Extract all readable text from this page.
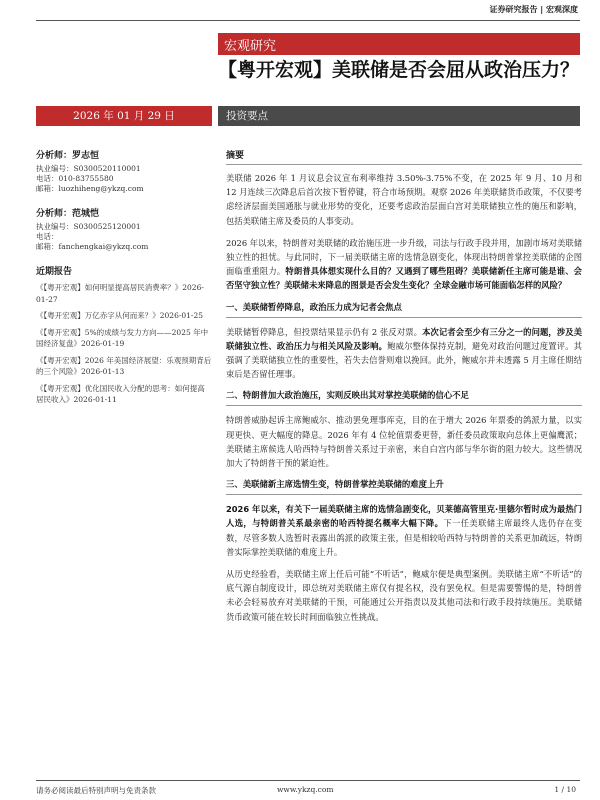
证券研究报告 | 宏观深度
宏观研究
【粤开宏观】美联储是否会屈从政治压力？
2026 年 01 月 29 日	投资要点
分析师：罗志恒
执业编号：S0300520110001
电话：010-83755580
邮箱：luozhiheng@ykzq.com
分析师：范城恺
执业编号：S0300525120001
电话：
邮箱：fanchengkai@ykzq.com
近期报告
《【粤开宏观】如何明显提高居民消费率？》2026-01-27
《【粤开宏观】万亿赤字从何而来？》2026-01-25
《【粤开宏观】5%的成绩与发力方向——2025 年中国经济复盘》2026-01-19
《【粤开宏观】2026 年美国经济展望：乐观预期背后的三个风险》2026-01-13
《【粤开宏观】优化国民收入分配的思考：如何提高居民收入》2026-01-11
摘要

美联储 2026 年 1 月议息会议宣布利率维持 3.50%-3.75%不变，在 2025 年 9 月、10 月和 12 月连续三次降息后首次按下暂停键，符合市场预期。观察 2026 年美联储货币政策，不仅要考虑经济层面美国通胀与就业形势的变化，还要考虑政治层面白宫对美联储独立性的施压和影响，包括美联储主席及委员的人事变动。

2026 年以来，特朗普对美联储的政治施压进一步升级，司法与行政手段并用，加剧市场对美联储独立性的担忧。与此同时，下一届美联储主席的选情急剧变化，体现出特朗普掌控美联储的企图面临重重阻力。特朗普具体想实现什么目的？又遇到了哪些阻碍？美联储新任主席可能是谁、会否坚守独立性？美联储未来降息的图景是否会发生变化？全球金融市场可能面临怎样的风险？

一、美联储暂停降息，政治压力成为记者会焦点

美联储暂停降息，但投票结果显示仍有 2 张反对票。本次记者会至少有三分之一的问题，涉及美联储独立性、政治压力与相关风险及影响。鲍威尔整体保持克制，避免对政治问题过度置评。其强调了美联储独立性的重要性，若失去信誉则难以挽回。此外，鲍威尔并未透露 5 月主席任期结束后是否留任理事。

二、特朗普加大政治施压，实则反映出其对掌控美联储的信心不足

特朗普威胁起诉主席鲍威尔、推动罢免理事库克，目的在于增大 2026 年票委的鸽派力量，以实现更快、更大幅度的降息。2026 年有 4 位轮值票委更替，新任委员政策取向总体上更偏鹰派；美联储主席候选人哈西特与特朗普关系过于亲密，来自白宫内部与华尔街的阻力较大。这些情况加大了特朗普干预的紧迫性。

三、美联储新主席选情生变，特朗普掌控美联储的难度上升

2026 年以来，有关下一届美联储主席的选情急剧变化，贝莱德高管里克·里德尔暂时成为最热门人选，与特朗普关系最亲密的哈西特提名概率大幅下降。下一任美联储主席最终人选仍存在变数，尽管多数人选暂时表露出鸽派的政策主张，但是相较哈西特与特朗普的关系更加疏远，特朗普实际掌控美联储的难度上升。

从历史经验看，美联储主席上任后可能“不听话”，鲍威尔便是典型案例。美联储主席“不听话”的底气源自制度设计，即总统对美联储主席仅有提名权，没有罢免权。但是需要警惕的是，特朗普未必会轻易放弃对美联储的干预，可能通过公开指责以及其他司法和行政手段持续施压。美联储货币政策可能在较长时间面临独立性挑战。

请务必阅读最后特别声明与免责条款	www.ykzq.com	1 / 10
